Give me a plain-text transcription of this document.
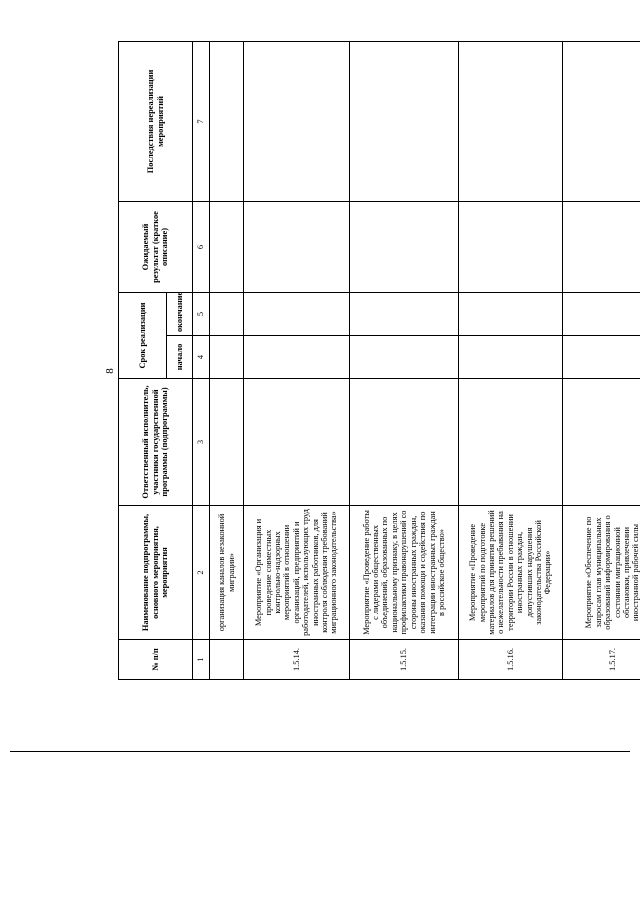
8
№ п/п	Наименование подпрограммы, основного мероприятия, мероприятия	Ответственный исполнитель, участники государственной программы (подпрограммы)	Срок реализации		Ожидаемый результат (краткое описание)	Последствия нереализации мероприятий
			начало	окончание		
1	2	3	4	5	6	7
	организация каналов незаконной миграции»					
1.5.14.	Мероприятие «Организация и проведение совместных контрольно-надзорных мероприятий в отношении организаций, предприятий и работодателей, использующих труд иностранных работников, для контроля соблюдения требований миграционного законодательства»					
1.5.15.	Мероприятие «Проведение работы с лидерами общественных объединений, образованных по национальному признаку, в целях профилактики правонарушений со стороны иностранных граждан, оказания помощи и содействия по интеграции иностранных граждан в российское общество»					
1.5.16.	Мероприятие «Проведение мероприятий по подготовке материалов для принятия решений о нежелательности пребывания на территории России в отношении иностранных граждан, допустивших нарушения законодательства Российской Федерации»					
1.5.17.	Мероприятие «Обеспечение по запросам глав муниципальных образований информирования о состоянии миграционной обстановки, привлечении иностранной рабочей силы					
